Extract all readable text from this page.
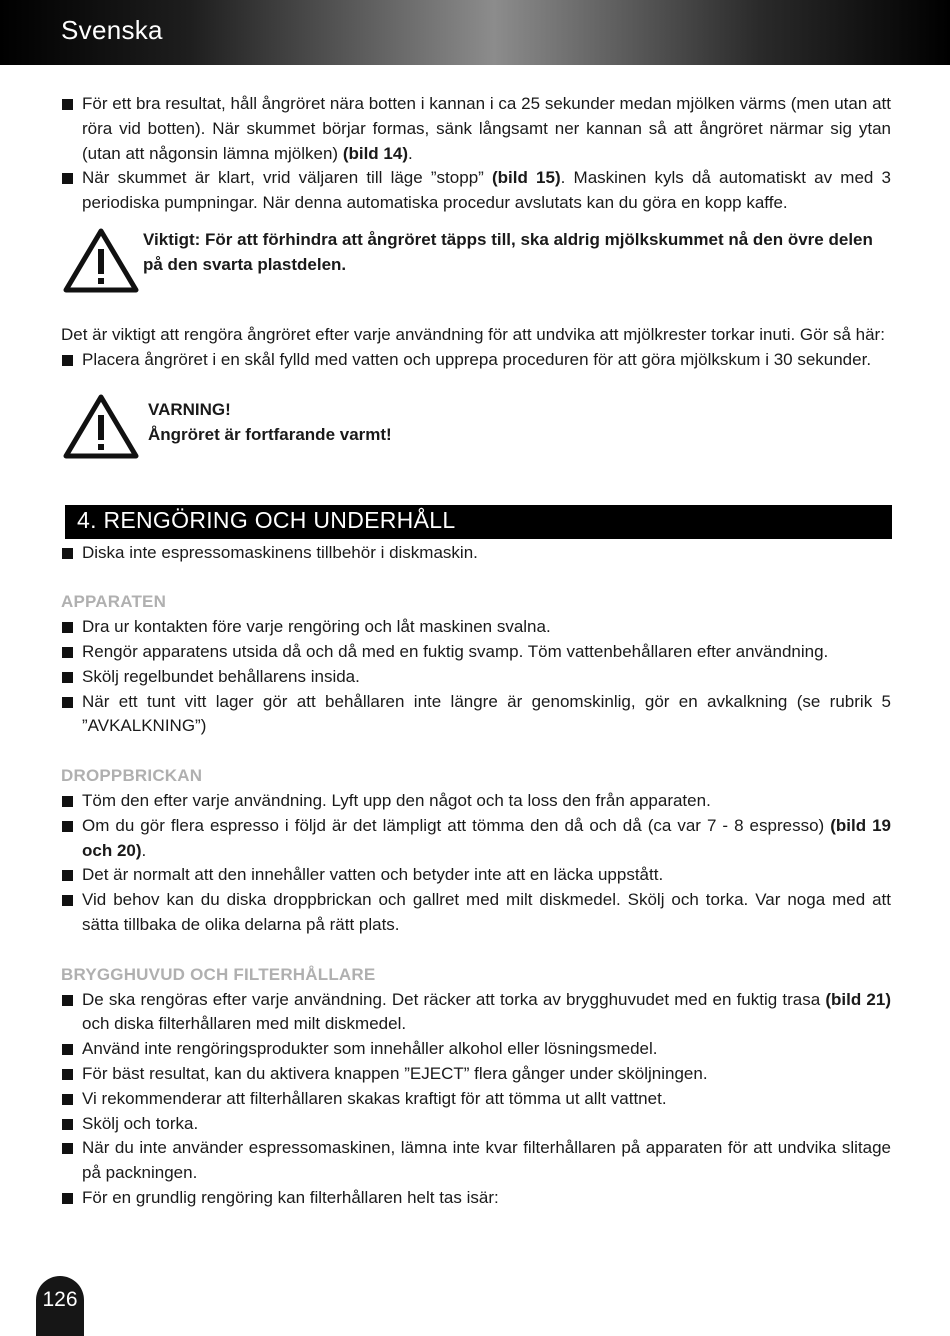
Svenska
För ett bra resultat, håll ångröret nära botten i kannan i ca 25 sekunder medan mjölken värms (men utan att röra vid botten). När skummet börjar formas, sänk långsamt ner kannan så att ångröret närmar sig ytan (utan att någonsin lämna mjölken) (bild 14).
När skummet är klart, vrid väljaren till läge ”stopp” (bild 15). Maskinen kyls då automatiskt av med 3 periodiska pumpningar. När denna automatiska procedur avslutats kan du göra en kopp kaffe.
Viktigt: För att förhindra att ångröret täpps till, ska aldrig mjölkskummet nå den övre delen på den svarta plastdelen.

Det är viktigt att rengöra ångröret efter varje användning för att undvika att mjölkrester torkar inuti. Gör så här:

Placera ångröret i en skål fylld med vatten och upprepa proceduren för att göra mjölkskum i 30 sekunder.
VARNING!
Ångröret är fortfarande varmt!
4. RENGÖRING OCH UNDERHÅLL
Diska inte espressomaskinens tillbehör i diskmaskin.

APPARATEN

Dra ur kontakten före varje rengöring och låt maskinen svalna.
Rengör apparatens utsida då och då med en fuktig svamp. Töm vattenbehållaren efter användning.
Skölj regelbundet behållarens insida.
När ett tunt vitt lager gör att behållaren inte längre är genomskinlig, gör en avkalkning (se rubrik 5 ”AVKALKNING”)

DROPPBRICKAN

Töm den efter varje användning. Lyft upp den något och ta loss den från apparaten.
Om du gör flera espresso i följd är det lämpligt att tömma den då och då (ca var 7 - 8 espresso) (bild 19 och 20).
Det är normalt att den innehåller vatten och betyder inte att en läcka uppstått.
Vid behov kan du diska droppbrickan och gallret med milt diskmedel. Skölj och torka. Var noga med att sätta tillbaka de olika delarna på rätt plats.

BRYGGHUVUD OCH FILTERHÅLLARE

De ska rengöras efter varje användning. Det räcker att torka av brygghuvudet med en fuktig trasa (bild 21) och diska filterhållaren med milt diskmedel.
Använd inte rengöringsprodukter som innehåller alkohol eller lösningsmedel.
För bäst resultat, kan du aktivera knappen ”EJECT” flera gånger under sköljningen.
Vi rekommenderar att filterhållaren skakas kraftigt för att tömma ut allt vattnet.
Skölj och torka.
När du inte använder espressomaskinen, lämna inte kvar filterhållaren på apparaten för att undvika slitage på packningen.
För en grundlig rengöring kan filterhållaren helt tas isär:
126
